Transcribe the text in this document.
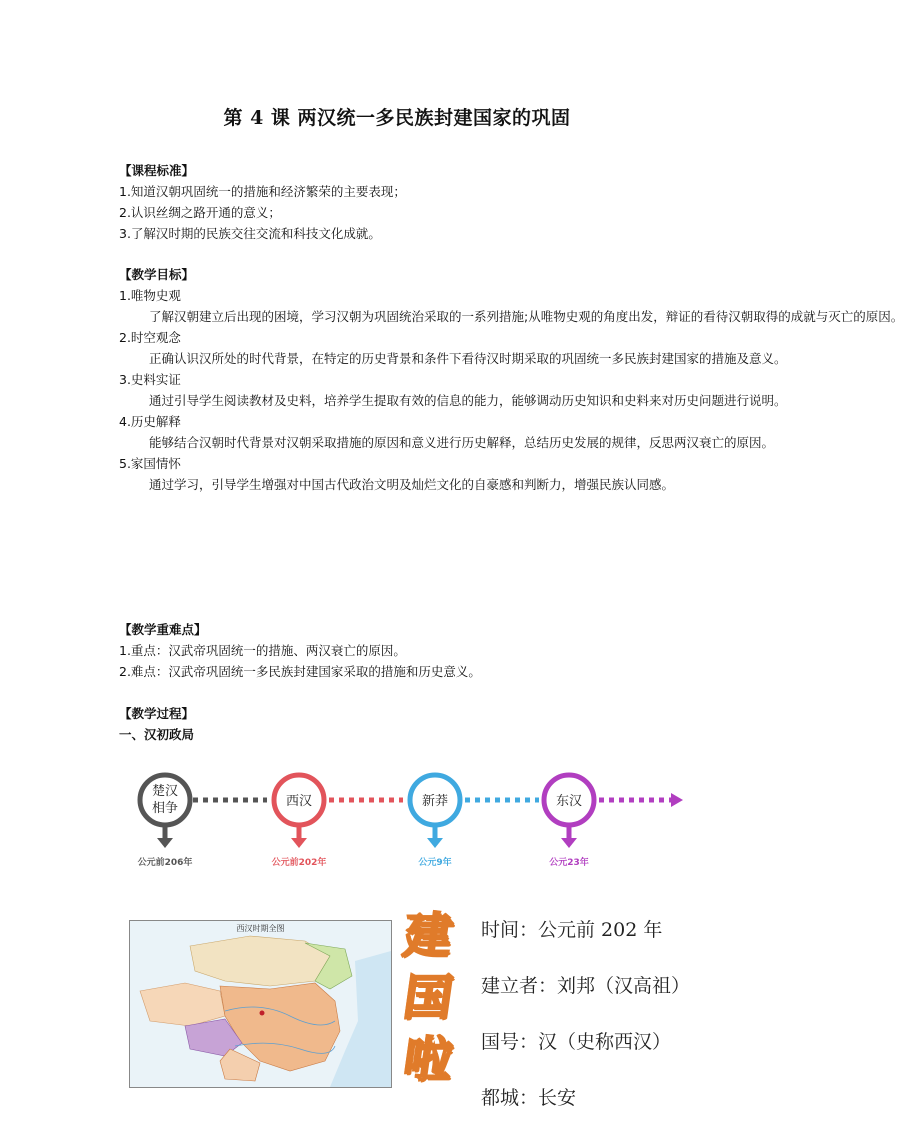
第 4 课 两汉统一多民族封建国家的巩固
【课程标准】
1.知道汉朝巩固统一的措施和经济繁荣的主要表现；
2.认识丝绸之路开通的意义；
3.了解汉时期的民族交往交流和科技文化成就。
【教学目标】
1.唯物史观
了解汉朝建立后出现的困境，学习汉朝为巩固统治采取的一系列措施;从唯物史观的角度出发，辩证的看待汉朝取得的成就与灭亡的原因。
2.时空观念
正确认识汉所处的时代背景，在特定的历史背景和条件下看待汉时期采取的巩固统一多民族封建国家的措施及意义。
3.史料实证
通过引导学生阅读教材及史料，培养学生提取有效的信息的能力，能够调动历史知识和史料来对历史问题进行说明。
4.历史解释
能够结合汉朝时代背景对汉朝采取措施的原因和意义进行历史解释，总结历史发展的规律，反思两汉衰亡的原因。
5.家国情怀
通过学习，引导学生增强对中国古代政治文明及灿烂文化的自豪感和判断力，增强民族认同感。
【教学重难点】
1.重点：汉武帝巩固统一的措施、两汉衰亡的原因。
2.难点：汉武帝巩固统一多民族封建国家采取的措施和历史意义。
【教学过程】
一、汉初政局
楚汉
相争
公元前206年
西汉
公元前202年
新莽
公元9年
东汉
公元23年
西汉时期全图	建
国
啦
时间：公元前 202 年
建立者：刘邦（汉高祖）
国号：汉（史称西汉）
都城：长安
